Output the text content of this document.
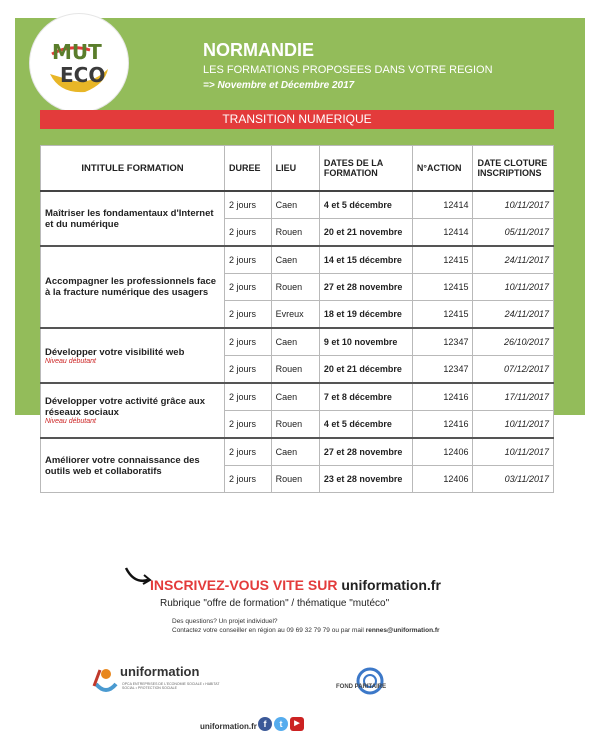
MUT
ECO
NORMANDIE
LES FORMATIONS PROPOSEES DANS VOTRE REGION
=> Novembre et Décembre 2017
TRANSITION NUMERIQUE
INTITULE FORMATION	DUREE	LIEU	DATES DE LA FORMATION	N°ACTION	DATE CLOTURE INSCRIPTIONS

Maîtriser les fondamentaux d'Internet et du numérique	2 jours	Caen	4 et 5 décembre	12414	10/11/2017
	2 jours	Rouen	20 et 21 novembre	12414	05/11/2017

Accompagner les professionnels face à la fracture numérique des usagers	2 jours	Caen	14 et 15 décembre	12415	24/11/2017
	2 jours	Rouen	27 et 28 novembre	12415	10/11/2017
	2 jours	Evreux	18 et 19 décembre	12415	24/11/2017

Développer votre visibilité web
Niveau débutant	2 jours	Caen	9 et 10 novembre	12347	26/10/2017
	2 jours	Rouen	20 et 21 décembre	12347	07/12/2017

Développer votre activité grâce aux réseaux sociaux
Niveau débutant	2 jours	Caen	7 et 8 décembre	12416	17/11/2017
	2 jours	Rouen	4 et 5 décembre	12416	10/11/2017

Améliorer votre connaissance des outils web et collaboratifs	2 jours	Caen	27 et 28 novembre	12406	10/11/2017
	2 jours	Rouen	23 et 28 novembre	12406	03/11/2017
INSCRIVEZ-VOUS VITE SUR uniformation.fr
Rubrique "offre de formation" / thématique "mutéco"
Des questions? Un projet individuel?
Contactez votre conseiller en région au 09 69 32 79 79 ou par mail rennes@uniformation.fr
uniformation
OPCA ENTREPRISES DE L'ECONOMIE SOCIALE • HABITAT SOCIAL • PROTECTION SOCIALE	FOND PARITAIRE
uniformation.fr f	t	▶
